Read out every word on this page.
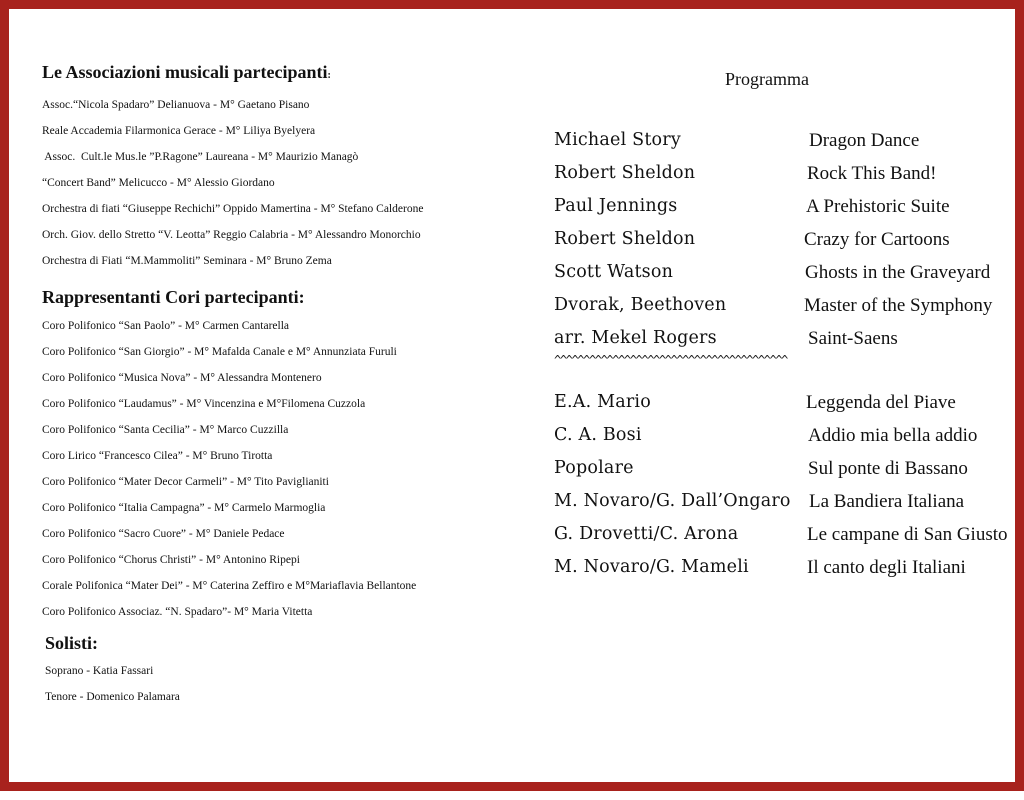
Le Associazioni musicali partecipanti:
Assoc.“Nicola Spadaro” Delianuova - M° Gaetano Pisano
Reale Accademia Filarmonica Gerace - M° Liliya Byelyera
Assoc.  Cult.le Mus.le ”P.Ragone” Laureana - M° Maurizio Managò
“Concert Band” Melicucco - M° Alessio Giordano
Orchestra di fiati “Giuseppe Rechichi” Oppido Mamertina - M° Stefano Calderone
Orch. Giov. dello Stretto “V. Leotta” Reggio Calabria - M° Alessandro Monorchio
Orchestra di Fiati “M.Mammoliti” Seminara - M° Bruno Zema
Rappresentanti Cori partecipanti:
Coro Polifonico “San Paolo” - M° Carmen Cantarella
Coro Polifonico “San Giorgio” - M° Mafalda Canale e M° Annunziata Furuli
Coro Polifonico “Musica Nova” - M° Alessandra Montenero
Coro Polifonico “Laudamus” - M° Vincenzina e M°Filomena Cuzzola
Coro Polifonico “Santa Cecilia” - M° Marco Cuzzilla
Coro Lirico “Francesco Cilea” - M° Bruno Tirotta
Coro Polifonico “Mater Decor Carmeli” - M° Tito Paviglianiti
Coro Polifonico “Italia Campagna” - M° Carmelo Marmoglia
Coro Polifonico “Sacro Cuore” - M° Daniele Pedace
Coro Polifonico “Chorus Christi” - M° Antonino Ripepi
Corale Polifonica “Mater Dei” - M° Caterina Zeffiro e M°Mariaflavia Bellantone
Coro Polifonico Associaz. “N. Spadaro”- M° Maria Vitetta
Solisti:
Soprano - Katia Fassari
Tenore - Domenico Palamara
Programma
Michael Story	Dragon Dance
Robert Sheldon	Rock This Band!
Paul Jennings	A Prehistoric Suite
Robert Sheldon	Crazy for Cartoons
Scott Watson	Ghosts in the Graveyard
Dvorak, Beethoven	Master of the Symphony
arr. Mekel Rogers	Saint-Saens
^^^^^^^^^^^^^^^^^^^^^^^^^^^^^^^^^^^^^^^^
E.A. Mario	Leggenda del Piave
C. A. Bosi	Addio mia bella addio
Popolare	Sul ponte di Bassano
M. Novaro/G. Dall’Ongaro La Bandiera Italiana
G. Drovetti/C. Arona	Le campane di San Giusto
M. Novaro/G. Mameli	Il canto degli Italiani
